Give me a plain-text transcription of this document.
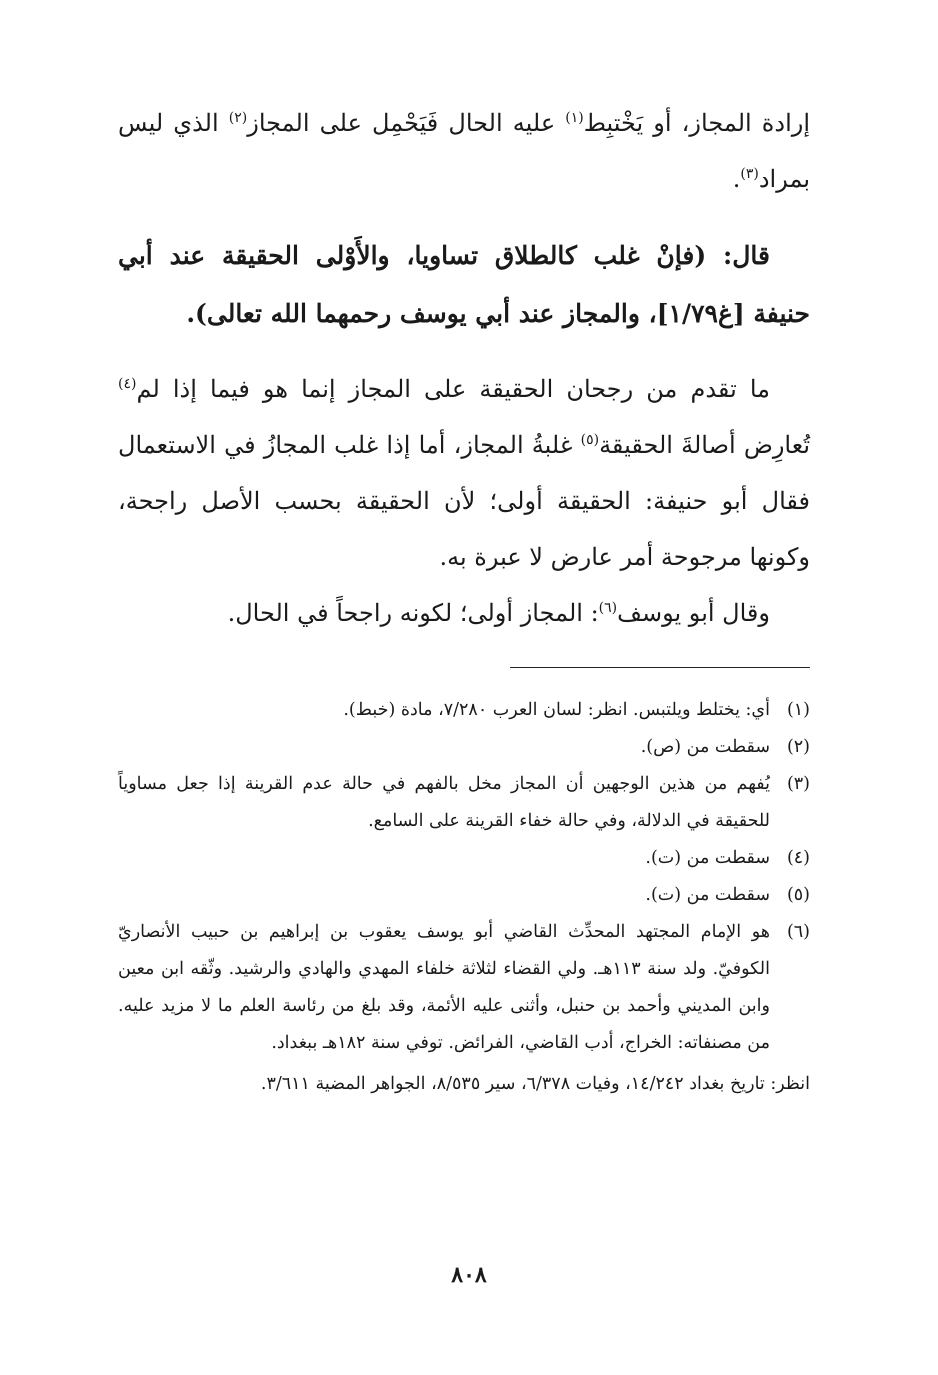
إرادة المجاز، أو يَخْتبِط$^{(١)}$ عليه الحال فَيَحْمِل على المجاز$^{(٢)}$ الذي ليس بمراد$^{(٣)}$.

قال: (فإنْ غلب كالطلاق تساويا، والأَوْلى الحقيقة عند أبي حنيفة [غ١/٧٩]، والمجاز عند أبي يوسف رحمهما الله تعالى).

ما تقدم من رجحان الحقيقة على المجاز إنما هو فيما إذا لم$^{(٤)}$ تُعارِض أصالةَ الحقيقة$^{(٥)}$ غلبةُ المجاز، أما إذا غلب المجازُ في الاستعمال فقال أبو حنيفة: الحقيقة أولى؛ لأن الحقيقة بحسب الأصل راجحة، وكونها مرجوحة أمر عارض لا عبرة به.

وقال أبو يوسف$^{(٦)}$: المجاز أولى؛ لكونه راجحاً في الحال.

(١)

أي: يختلط ويلتبس. انظر: لسان العرب ٧/٢٨٠، مادة (خبط).

(٢)

سقطت من (ص).

(٣)

يُفهم من هذين الوجهين أن المجاز مخل بالفهم في حالة عدم القرينة إذا جعل مساوياً للحقيقة في الدلالة، وفي حالة خفاء القرينة على السامع.

(٤)

سقطت من (ت).

(٥)

سقطت من (ت).

(٦)

هو الإمام المجتهد المحدِّث القاضي أبو يوسف يعقوب بن إبراهيم بن حبيب الأنصاريّ الكوفيّ. ولد سنة ١١٣هـ. ولي القضاء لثلاثة خلفاء المهدي والهادي والرشيد. وثّقه ابن معين وابن المديني وأحمد بن حنبل، وأثنى عليه الأئمة، وقد بلغ من رئاسة العلم ما لا مزيد عليه. من مصنفاته: الخراج، أدب القاضي، الفرائض. توفي سنة ١٨٢هـ ببغداد.

انظر: تاريخ بغداد ١٤/٢٤٢، وفيات ٦/٣٧٨، سير ٨/٥٣٥، الجواهر المضية ٣/٦١١.

٨٠٨
